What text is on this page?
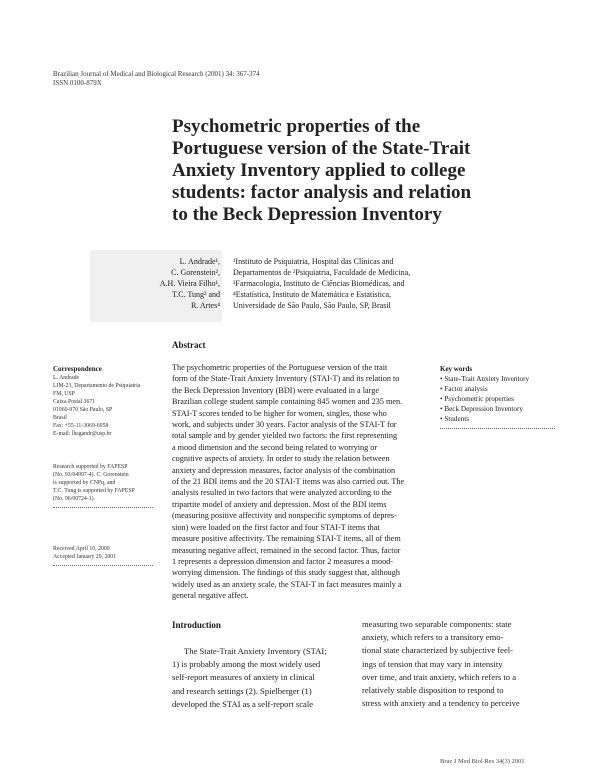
Brazilian Journal of Medical and Biological Research (2001) 34: 367-374
ISSN 0100-879X
Psychometric properties of the
Portuguese version of the State-Trait
Anxiety Inventory applied to college
students: factor analysis and relation
to the Beck Depression Inventory
L. Andrade¹,
C. Gorenstein²,
A.H. Vieira Filho¹,
T.C. Tung² and
R. Artes⁴
¹Instituto de Psiquiatria, Hospital das Clínicas and
Departamentos de ²Psiquiatria, Faculdade de Medicina,
³Farmacologia, Instituto de Ciências Biomédicas, and
⁴Estatística, Instituto de Matemática e Estatística,
Universidade de São Paulo, São Paulo, SP, Brasil
Abstract
The psychometric properties of the Portuguese version of the trait
form of the State-Trait Anxiety Inventory (STAI-T) and its relation to
the Beck Depression Inventory (BDI) were evaluated in a large
Brazilian college student sample containing 845 women and 235 men.
STAI-T scores tended to be higher for women, singles, those who
work, and subjects under 30 years. Factor analysis of the STAI-T for
total sample and by gender yielded two factors: the first representing
a mood dimension and the second being related to worrying or
cognitive aspects of anxiety. In order to study the relation between
anxiety and depression measures, factor analysis of the combination
of the 21 BDI items and the 20 STAI-T items was also carried out. The
analysis resulted in two factors that were analyzed according to the
tripartite model of anxiety and depression. Most of the BDI items
(measuring positive affectivity and nonspecific symptoms of depres-
sion) were loaded on the first factor and four STAI-T items that
measure positive affectivity. The remaining STAI-T items, all of them
measuring negative affect, remained in the second factor. Thus, factor
1 represents a depression dimension and factor 2 measures a mood-
worrying dimension. The findings of this study suggest that, although
widely used as an anxiety scale, the STAI-T in fact measures mainly a
general negative affect.
Correspondence
L. Andrade
LIM-23, Departamento de Psiquiatria
FM, USP
Caixa Postal 3671
01060-970 São Paulo, SP
Brasil
Fax: +55-11-3069-6958
E-mail: lhsgandr@usp.br
Research supported by FAPESP
(No. 93/04997-4). C. Gorenstein
is supported by CNPq, and
T.C. Tung is supported by FAPESP
(No. 96/00724-1).
Received April 10, 2000
Accepted January 29, 2001
Key words
• State-Trait Anxiety Inventory
• Factor analysis
• Psychometric properties
• Beck Depression Inventory
• Students
Introduction
The State-Trait Anxiety Inventory (STAI;
1) is probably among the most widely used
self-report measures of anxiety in clinical
and research settings (2). Spielberger (1)
developed the STAI as a self-report scale
measuring two separable components: state
anxiety, which refers to a transitory emo-
tional state characterized by subjective feel-
ings of tension that may vary in intensity
over time, and trait anxiety, which refers to a
relatively stable disposition to respond to
stress with anxiety and a tendency to perceive
Braz J Med Biol Res 34(3) 2001
